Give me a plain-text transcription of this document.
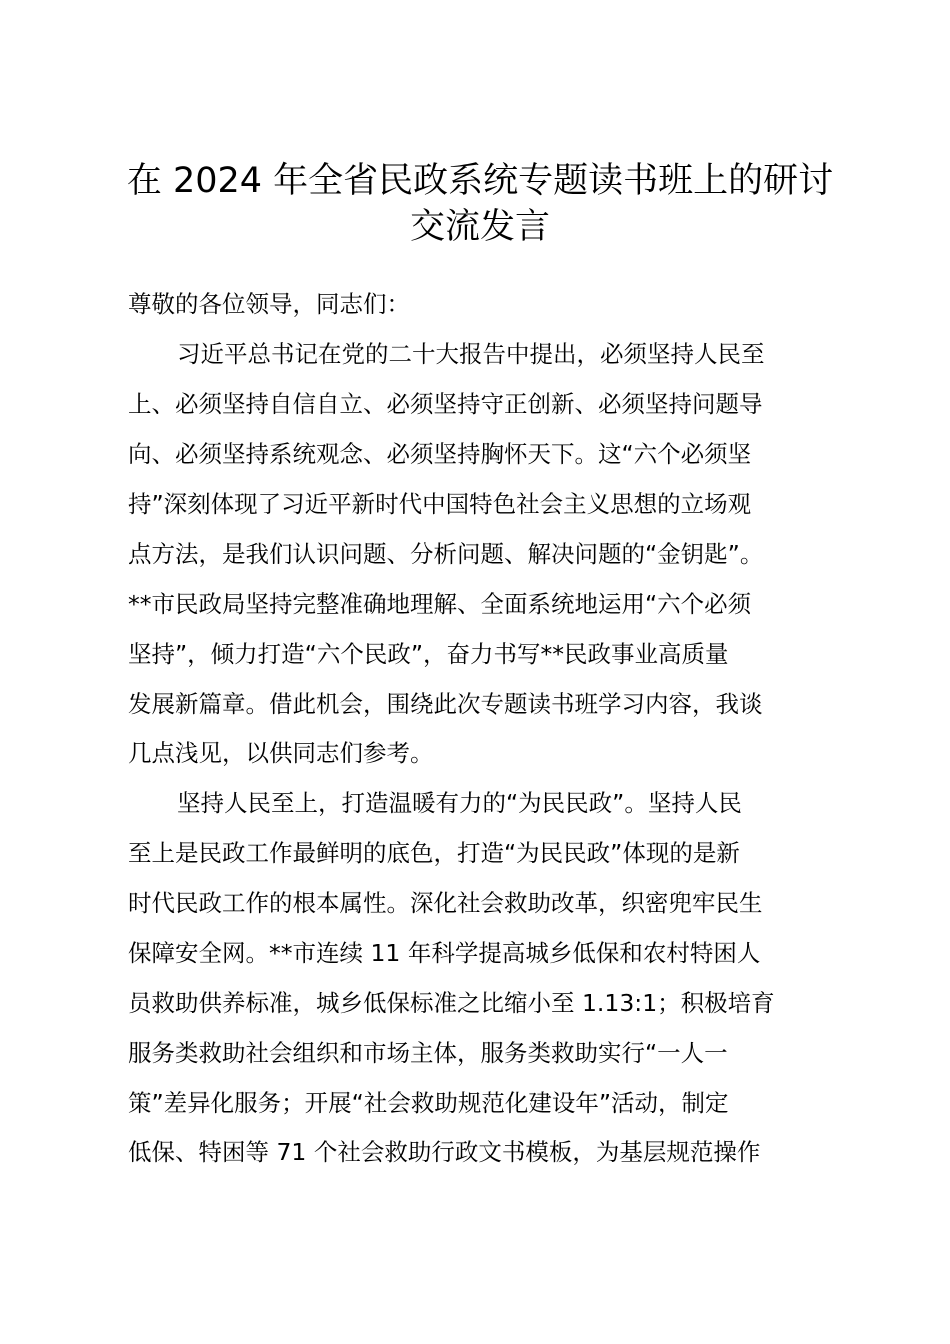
在 2024 年全省民政系统专题读书班上的研讨
交流发言

尊敬的各位领导，同志们：

习近平总书记在党的二十大报告中提出，必须坚持人民至

上、必须坚持自信自立、必须坚持守正创新、必须坚持问题导

向、必须坚持系统观念、必须坚持胸怀天下。这“六个必须坚

持”深刻体现了习近平新时代中国特色社会主义思想的立场观

点方法，是我们认识问题、分析问题、解决问题的“金钥匙”。

**市民政局坚持完整准确地理解、全面系统地运用“六个必须

坚持”，倾力打造“六个民政”，奋力书写**民政事业高质量

发展新篇章。借此机会，围绕此次专题读书班学习内容，我谈

几点浅见，以供同志们参考。

坚持人民至上，打造温暖有力的“为民民政”。坚持人民

至上是民政工作最鲜明的底色，打造“为民民政”体现的是新

时代民政工作的根本属性。深化社会救助改革，织密兜牢民生

保障安全网。**市连续 11 年科学提高城乡低保和农村特困人

员救助供养标准，城乡低保标准之比缩小至 1.13:1；积极培育

服务类救助社会组织和市场主体，服务类救助实行“一人一

策”差异化服务；开展“社会救助规范化建设年”活动，制定

低保、特困等 71 个社会救助行政文书模板，为基层规范操作
